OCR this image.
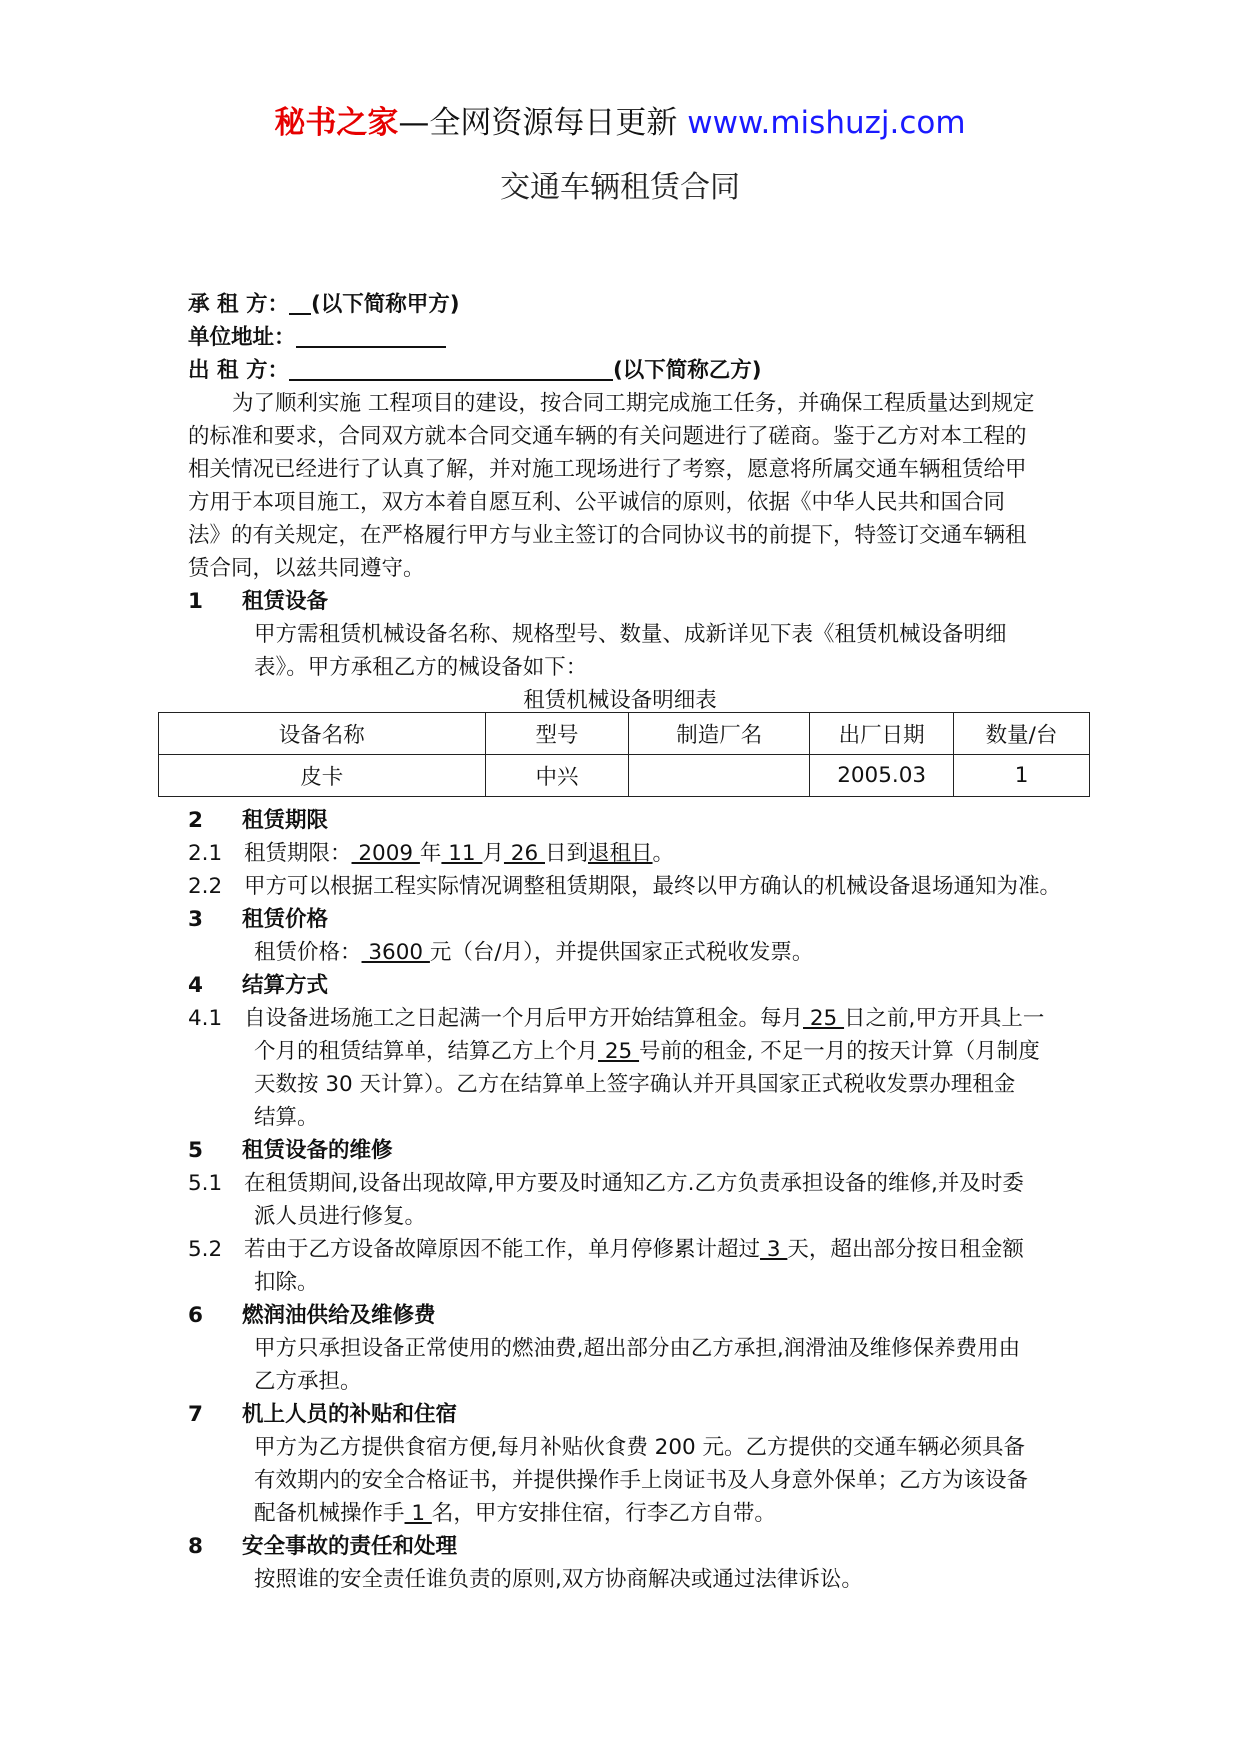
秘书之家—全网资源每日更新 www.mishuzj.com
交通车辆租赁合同
承 租 方： (以下简称甲方)
单位地址：
出 租 方：	(以下简称乙方)
为了顺利实施 工程项目的建设，按合同工期完成施工任务，并确保工程质量达到规定
的标准和要求，合同双方就本合同交通车辆的有关问题进行了磋商。鉴于乙方对本工程的
相关情况已经进行了认真了解，并对施工现场进行了考察，愿意将所属交通车辆租赁给甲
方用于本项目施工，双方本着自愿互利、公平诚信的原则，依据《中华人民共和国合同
法》的有关规定，在严格履行甲方与业主签订的合同协议书的前提下，特签订交通车辆租
赁合同，以兹共同遵守。
1 租赁设备
甲方需租赁机械设备名称、规格型号、数量、成新详见下表《租赁机械设备明细
表》。甲方承租乙方的械设备如下：
租赁机械设备明细表
设备名称	型号	制造厂名	出厂日期	数量/台
皮卡	中兴		2005.03	1
2 租赁期限
2.1 租赁期限： 2009 年 11 月 26 日到退租日。
2.2 甲方可以根据工程实际情况调整租赁期限，最终以甲方确认的机械设备退场通知为准。
3 租赁价格
租赁价格： 3600 元（台/月），并提供国家正式税收发票。
4 结算方式
4.1 自设备进场施工之日起满一个月后甲方开始结算租金。每月 25 日之前,甲方开具上一
个月的租赁结算单，结算乙方上个月 25 号前的租金, 不足一月的按天计算（月制度
天数按 30 天计算）。乙方在结算单上签字确认并开具国家正式税收发票办理租金
结算。
5 租赁设备的维修
5.1 在租赁期间,设备出现故障,甲方要及时通知乙方.乙方负责承担设备的维修,并及时委
派人员进行修复。
5.2 若由于乙方设备故障原因不能工作，单月停修累计超过 3 天，超出部分按日租金额
扣除。
6 燃润油供给及维修费
甲方只承担设备正常使用的燃油费,超出部分由乙方承担,润滑油及维修保养费用由
乙方承担。
7 机上人员的补贴和住宿
甲方为乙方提供食宿方便,每月补贴伙食费 200 元。乙方提供的交通车辆必须具备
有效期内的安全合格证书，并提供操作手上岗证书及人身意外保单；乙方为该设备
配备机械操作手 1 名，甲方安排住宿，行李乙方自带。
8 安全事故的责任和处理
按照谁的安全责任谁负责的原则,双方协商解决或通过法律诉讼。
